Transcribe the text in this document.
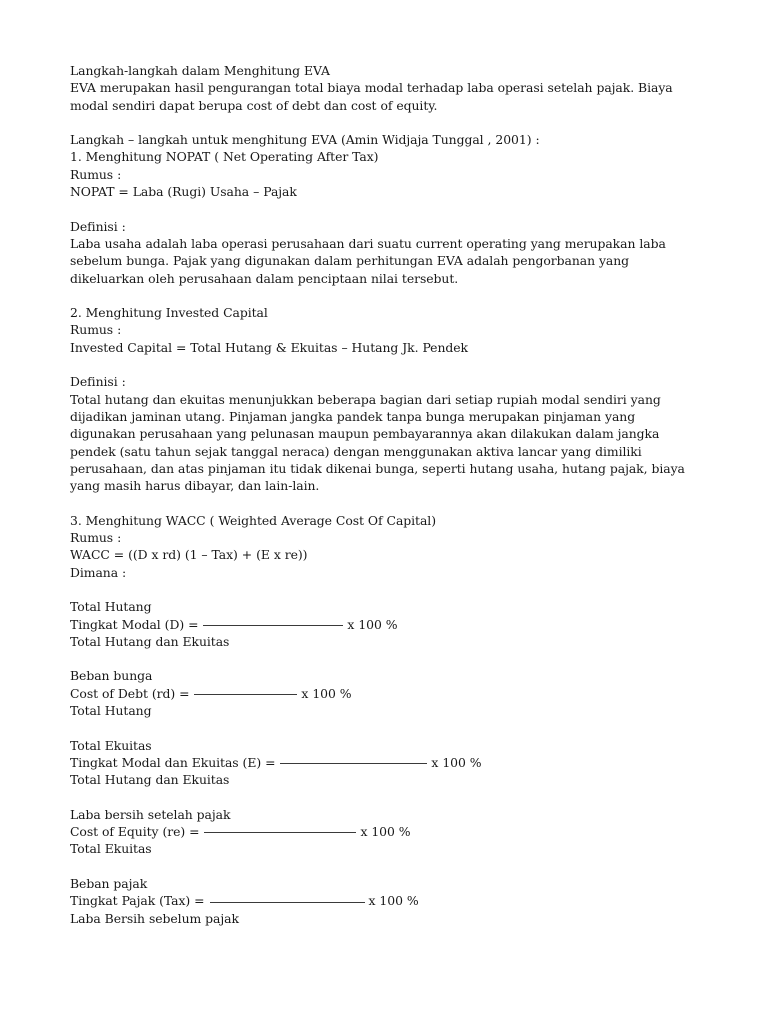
Langkah-langkah dalam Menghitung EVA

EVA merupakan hasil pengurangan total biaya modal terhadap laba operasi setelah pajak. Biaya modal sendiri dapat berupa cost of debt dan cost of equity.

Langkah – langkah untuk menghitung EVA (Amin Widjaja Tunggal , 2001) :

1. Menghitung NOPAT ( Net Operating After Tax)

Rumus :

NOPAT = Laba (Rugi) Usaha – Pajak

Definisi :

Laba usaha adalah laba operasi perusahaan dari suatu current operating yang merupakan laba sebelum bunga. Pajak yang digunakan dalam perhitungan EVA adalah pengorbanan yang dikeluarkan oleh perusahaan dalam penciptaan nilai tersebut.

2. Menghitung Invested Capital

Rumus :

Invested Capital = Total Hutang & Ekuitas – Hutang Jk. Pendek

Definisi :

Total hutang dan ekuitas menunjukkan beberapa bagian dari setiap rupiah modal sendiri yang dijadikan jaminan utang. Pinjaman jangka pandek tanpa bunga merupakan pinjaman yang digunakan perusahaan yang pelunasan maupun pembayarannya akan dilakukan dalam jangka pendek (satu tahun sejak tanggal neraca) dengan menggunakan aktiva lancar yang dimiliki perusahaan, dan atas pinjaman itu tidak dikenai bunga, seperti hutang usaha, hutang pajak, biaya yang masih harus dibayar, dan lain-lain.

3. Menghitung WACC ( Weighted Average Cost Of Capital)

Rumus :

WACC = ((D x rd) (1 – Tax) + (E x re))

Dimana :

Total Hutang
Tingkat Modal (D) =	x 100 %
Total Hutang dan Ekuitas
Beban bunga
Cost of Debt (rd) =	x 100 %
Total Hutang
Total Ekuitas
Tingkat Modal dan Ekuitas (E) =	x 100 %
Total Hutang dan Ekuitas
Laba bersih setelah pajak
Cost of Equity (re) =	x 100 %
Total Ekuitas
Beban pajak
Tingkat Pajak (Tax) =	x 100 %
Laba Bersih sebelum pajak
